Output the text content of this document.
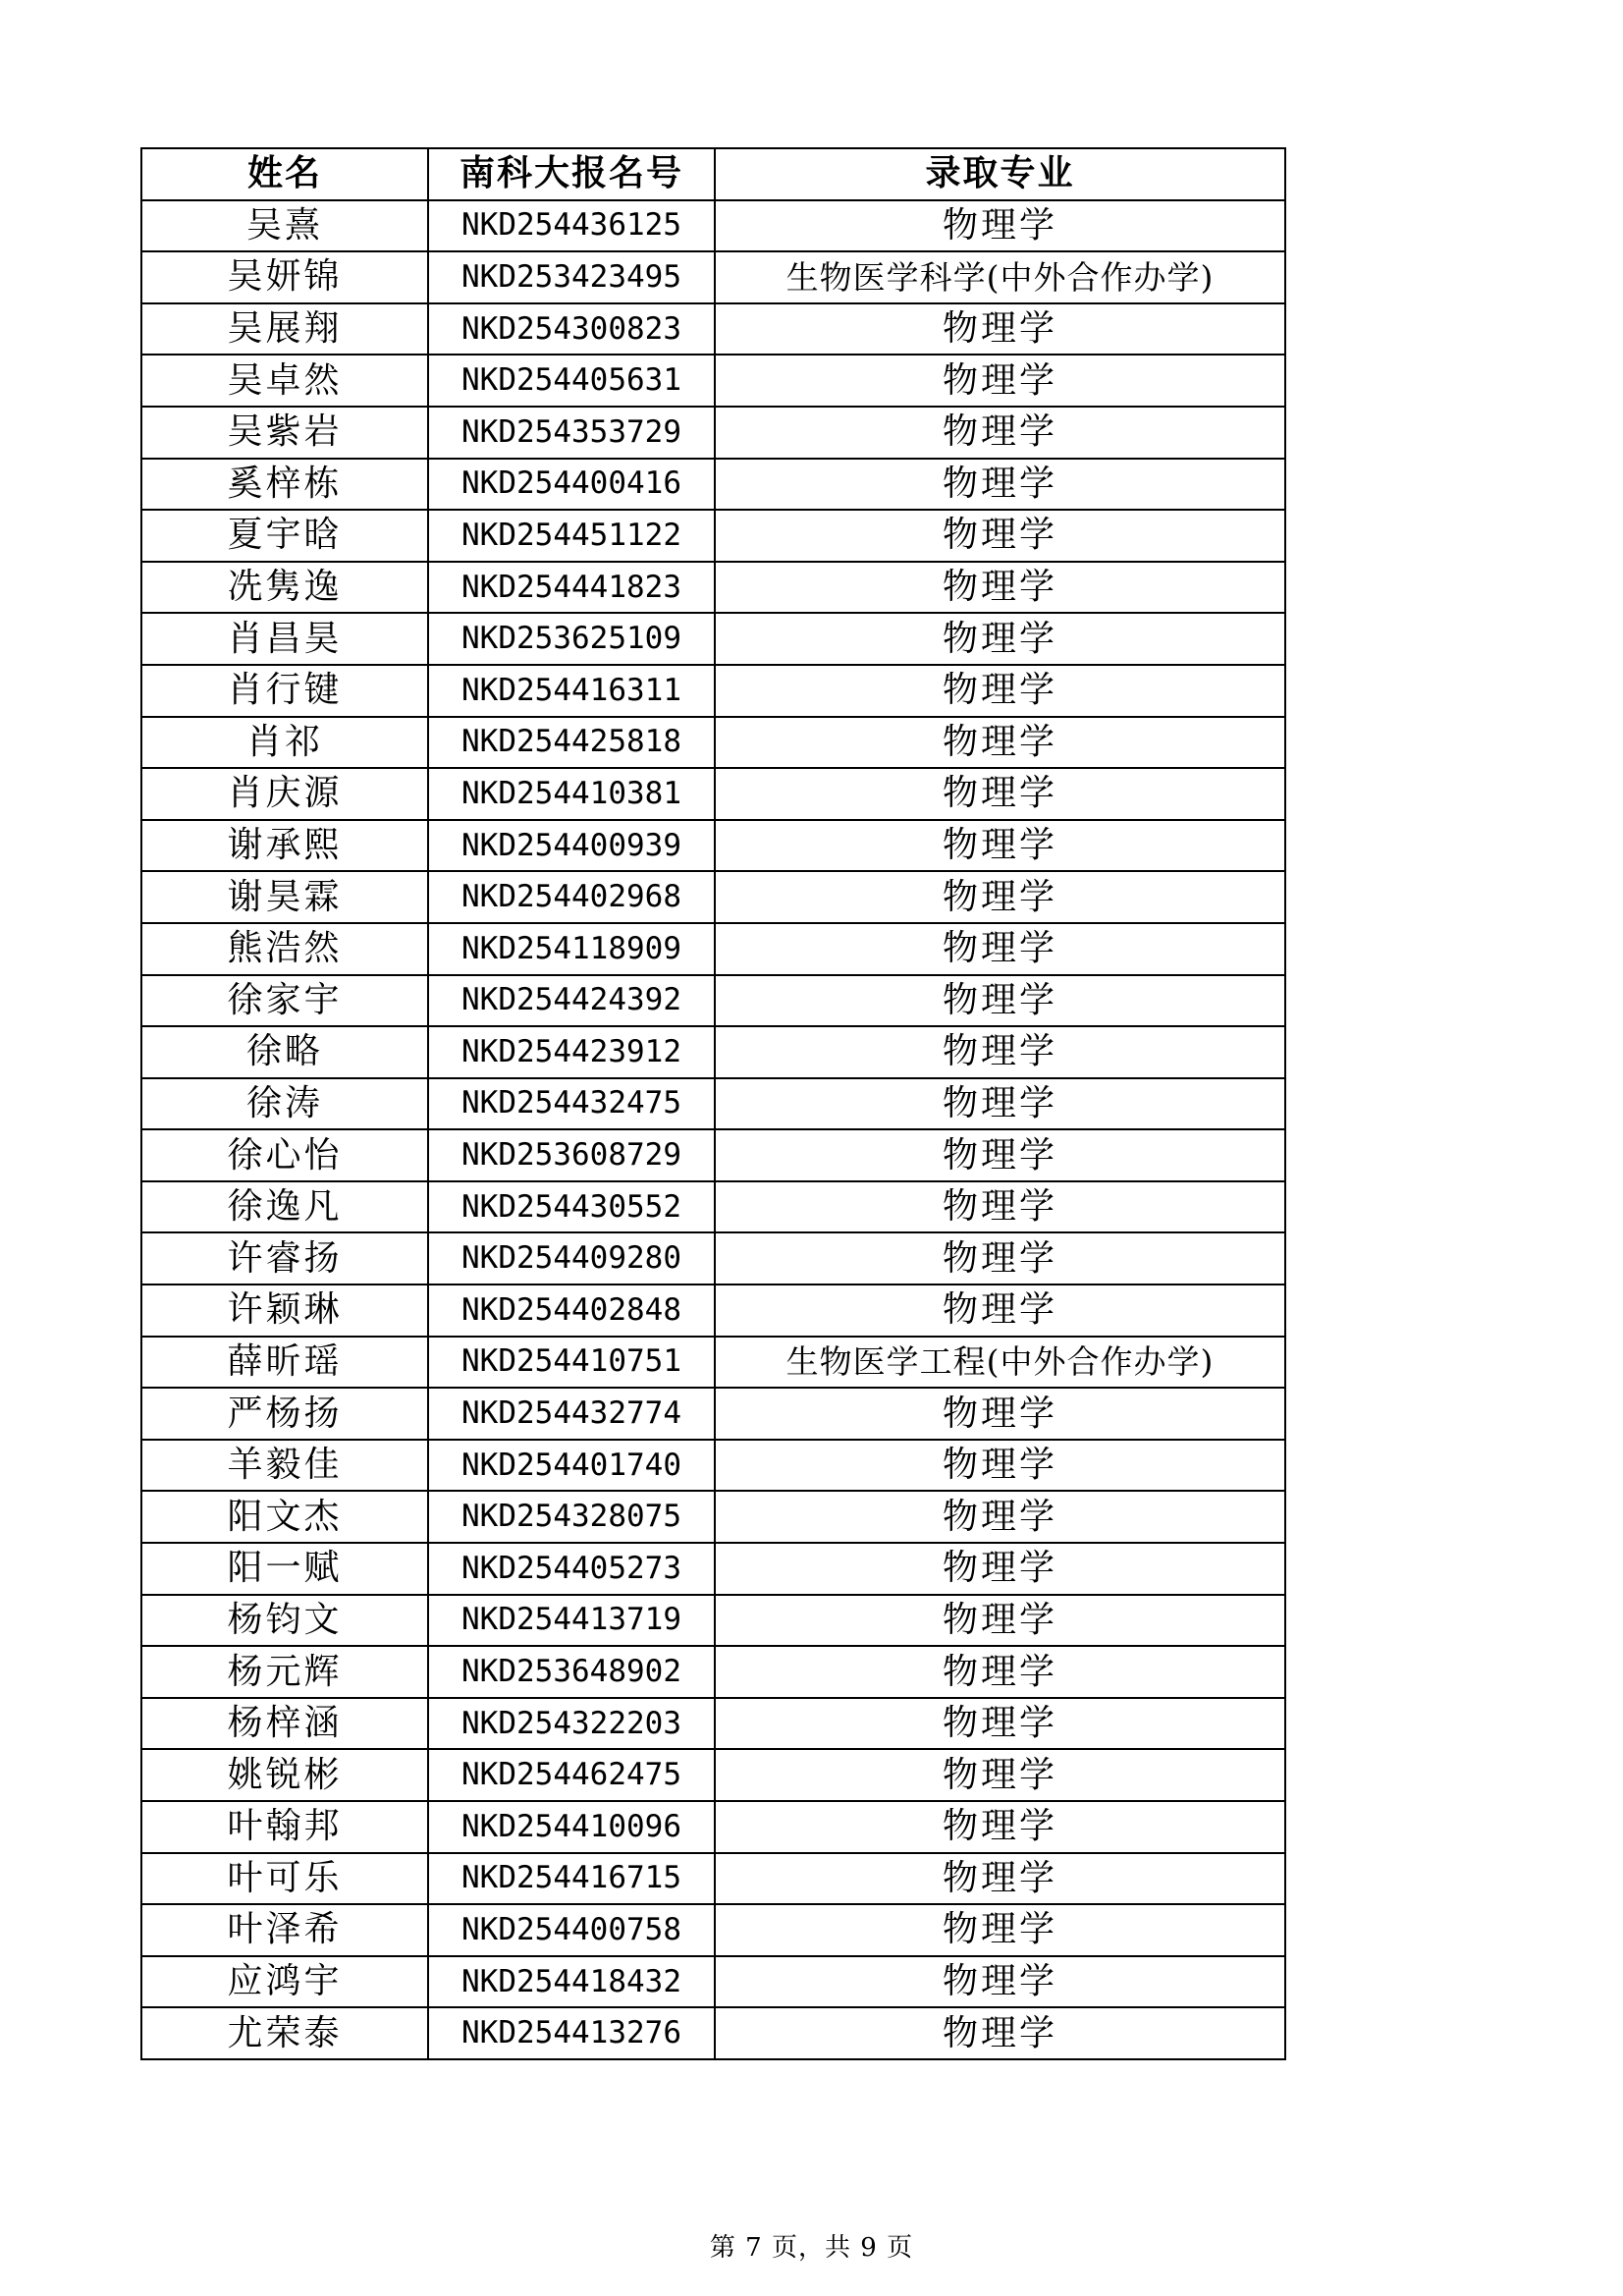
姓名	南科大报名号	录取专业
吴熹	NKD254436125	物理学
吴妍锦	NKD253423495	生物医学科学(中外合作办学)
吴展翔	NKD254300823	物理学
吴卓然	NKD254405631	物理学
吴紫岩	NKD254353729	物理学
奚梓栋	NKD254400416	物理学
夏宇晗	NKD254451122	物理学
冼隽逸	NKD254441823	物理学
肖昌昊	NKD253625109	物理学
肖行键	NKD254416311	物理学
肖祁	NKD254425818	物理学
肖庆源	NKD254410381	物理学
谢承熙	NKD254400939	物理学
谢昊霖	NKD254402968	物理学
熊浩然	NKD254118909	物理学
徐家宇	NKD254424392	物理学
徐略	NKD254423912	物理学
徐涛	NKD254432475	物理学
徐心怡	NKD253608729	物理学
徐逸凡	NKD254430552	物理学
许睿扬	NKD254409280	物理学
许颖琳	NKD254402848	物理学
薛昕瑶	NKD254410751	生物医学工程(中外合作办学)
严杨扬	NKD254432774	物理学
羊毅佳	NKD254401740	物理学
阳文杰	NKD254328075	物理学
阳一赋	NKD254405273	物理学
杨钧文	NKD254413719	物理学
杨元辉	NKD253648902	物理学
杨梓涵	NKD254322203	物理学
姚锐彬	NKD254462475	物理学
叶翰邦	NKD254410096	物理学
叶可乐	NKD254416715	物理学
叶泽希	NKD254400758	物理学
应鸿宇	NKD254418432	物理学
尤荣泰	NKD254413276	物理学
第 7 页，共 9 页
